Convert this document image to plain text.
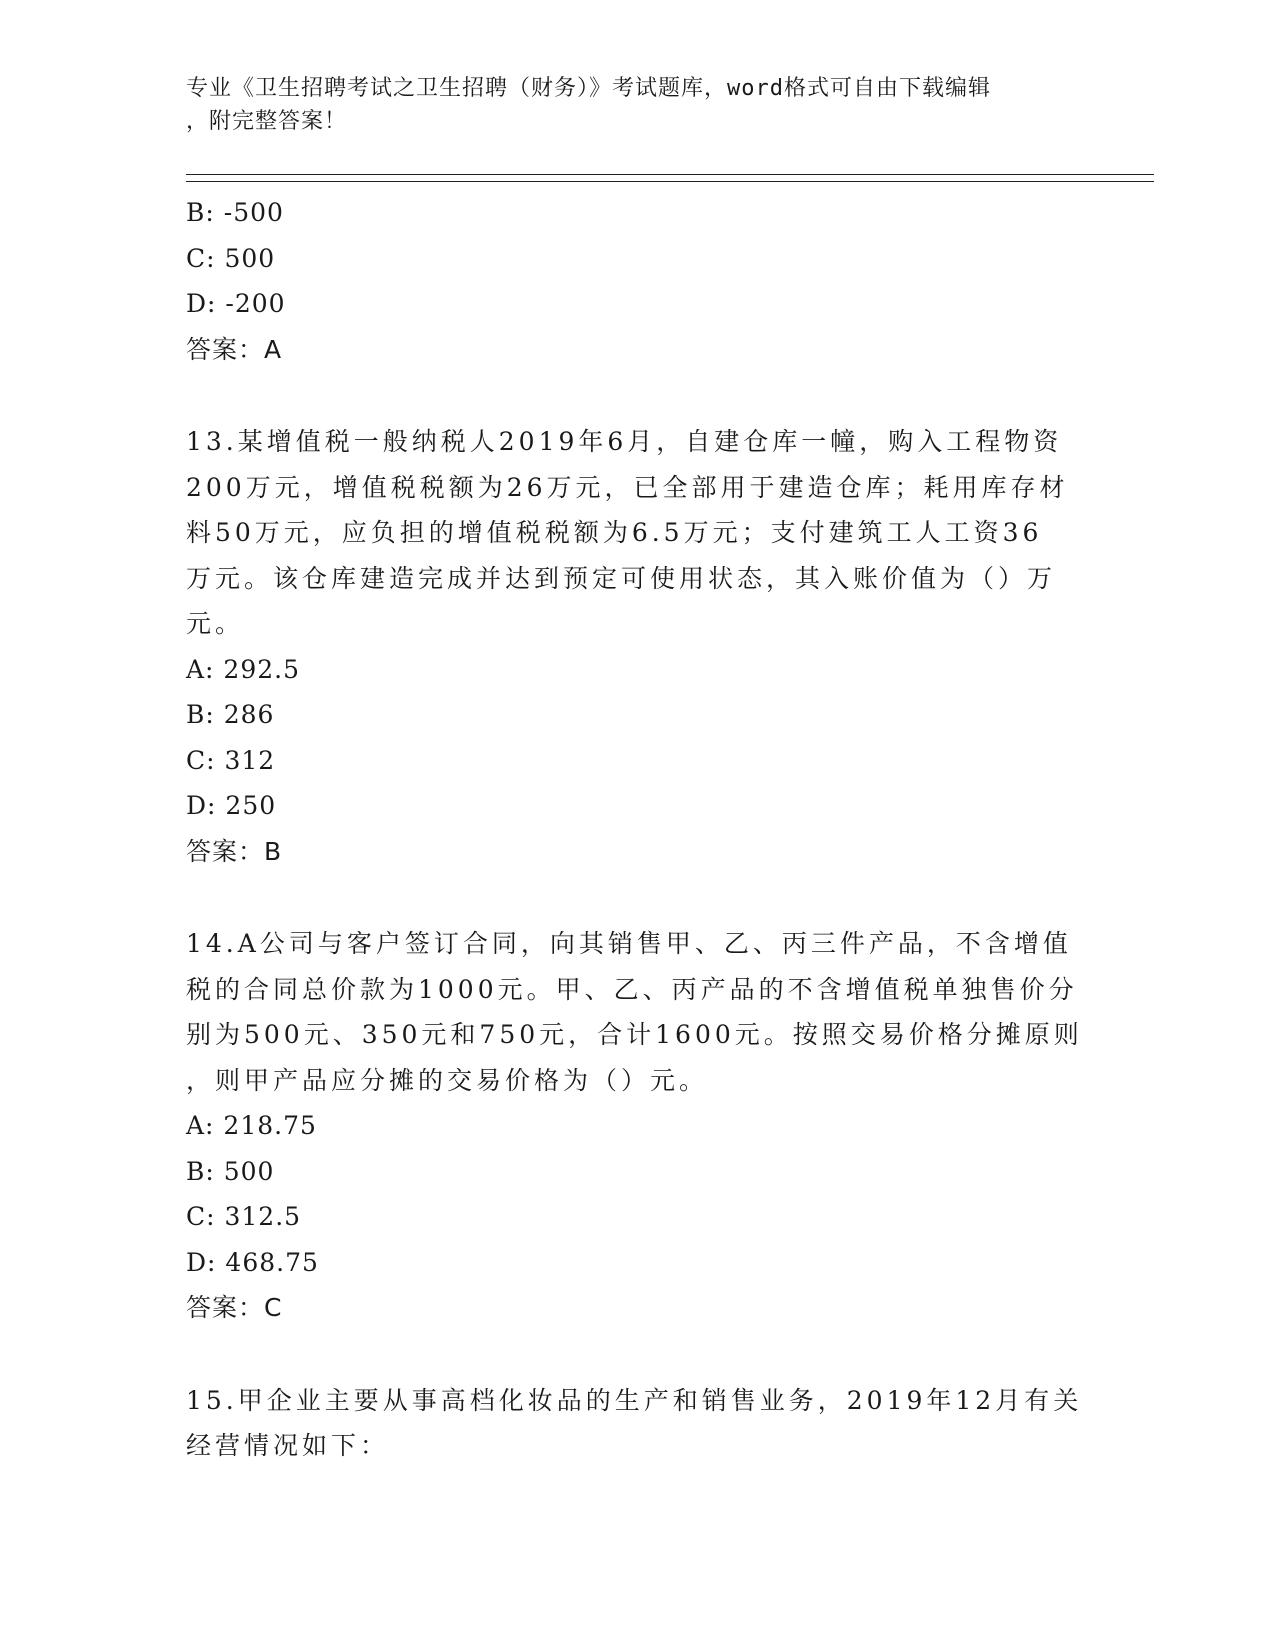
专业《卫生招聘考试之卫生招聘（财务）》考试题库，word格式可自由下载编辑
，附完整答案！
B: -500
C: 500
D: -200
答案：A
13.某增值税一般纳税人2019年6月，自建仓库一幢，购入工程物资
200万元，增值税税额为26万元，已全部用于建造仓库；耗用库存材
料50万元，应负担的增值税税额为6.5万元；支付建筑工人工资36
万元。该仓库建造完成并达到预定可使用状态，其入账价值为（）万
元。
A: 292.5
B: 286
C: 312
D: 250
答案：B
14.A公司与客户签订合同，向其销售甲、乙、丙三件产品，不含增值
税的合同总价款为1000元。甲、乙、丙产品的不含增值税单独售价分
别为500元、350元和750元，合计1600元。按照交易价格分摊原则
，则甲产品应分摊的交易价格为（）元。
A: 218.75
B: 500
C: 312.5
D: 468.75
答案：C
15.甲企业主要从事高档化妆品的生产和销售业务，2019年12月有关
经营情况如下：
